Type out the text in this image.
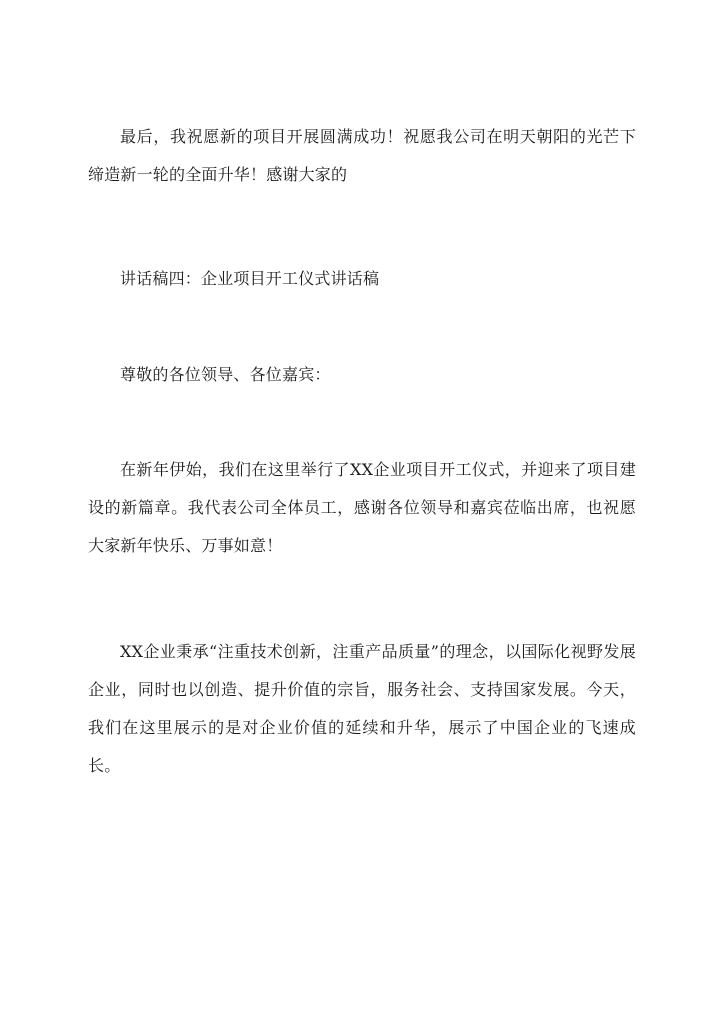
最后，我祝愿新的项目开展圆满成功！祝愿我公司在明天朝阳的光芒下缔造新一轮的全面升华！感谢大家的

讲话稿四：企业项目开工仪式讲话稿

尊敬的各位领导、各位嘉宾：

在新年伊始，我们在这里举行了XX企业项目开工仪式，并迎来了项目建设的新篇章。我代表公司全体员工，感谢各位领导和嘉宾莅临出席，也祝愿大家新年快乐、万事如意！

XX企业秉承“注重技术创新，注重产品质量”的理念，以国际化视野发展企业，同时也以创造、提升价值的宗旨，服务社会、支持国家发展。今天，我们在这里展示的是对企业价值的延续和升华，展示了中国企业的飞速成长。
